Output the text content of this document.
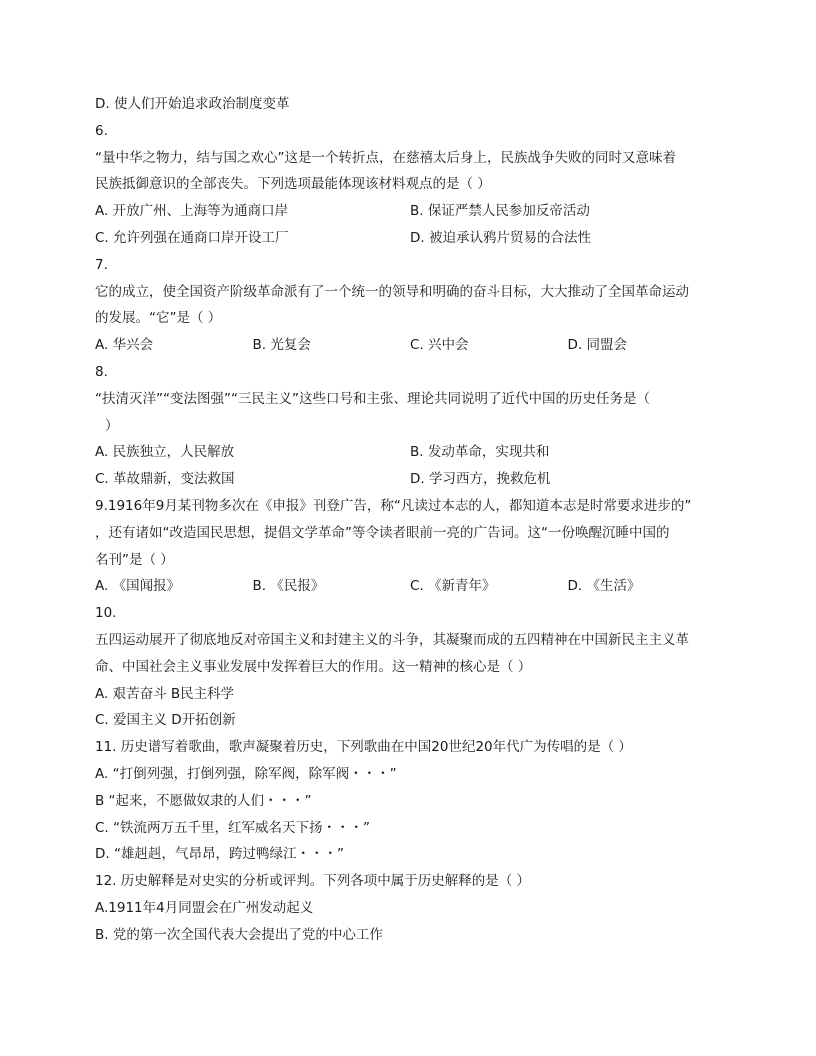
D. 使人们开始追求政治制度变革
6.
“量中华之物力，结与国之欢心”这是一个转折点，在慈禧太后身上，民族战争失败的同时又意味着
民族抵御意识的全部丧失。下列选项最能体现该材料观点的是（ ）
A. 开放广州、上海等为通商口岸	B. 保证严禁人民参加反帝活动
C. 允许列强在通商口岸开设工厂	D. 被迫承认鸦片贸易的合法性
7.
它的成立，使全国资产阶级革命派有了一个统一的领导和明确的奋斗目标，大大推动了全国革命运动
的发展。“它”是（ ）
A. 华兴会	B. 光复会	C. 兴中会	D. 同盟会
8.
“扶清灭洋”“变法图强”“三民主义”这些口号和主张、理论共同说明了近代中国的历史任务是（
）
A. 民族独立，人民解放	B. 发动革命，实现共和
C. 革故鼎新，变法救国	D. 学习西方，挽救危机
9.1916年9月某刊物多次在《申报》刊登广告，称“凡读过本志的人，都知道本志是时常要求进步的”
，还有诸如“改造国民思想，提倡文学革命”等令读者眼前一亮的广告词。这“一份唤醒沉睡中国的
名刊”是（ ）
A. 《国闻报》	B. 《民报》	C. 《新青年》	D. 《生活》
10.
五四运动展开了彻底地反对帝国主义和封建主义的斗争，其凝聚而成的五四精神在中国新民主主义革
命、中国社会主义事业发展中发挥着巨大的作用。这一精神的核心是（ ）
A. 艰苦奋斗 B民主科学
C. 爱国主义 D开拓创新
11. 历史谱写着歌曲，歌声凝聚着历史，下列歌曲在中国20世纪20年代广为传唱的是（ ）
A. “打倒列强，打倒列强，除军阀，除军阀・・・”
B “起来，不愿做奴隶的人们・・・”
C. “铁流两万五千里，红军威名天下扬・・・”
D. “雄赳赳，气昂昂，跨过鸭绿江・・・”
12. 历史解释是对史实的分析或评判。下列各项中属于历史解释的是（ ）
A.1911年4月同盟会在广州发动起义
B. 党的第一次全国代表大会提出了党的中心工作
